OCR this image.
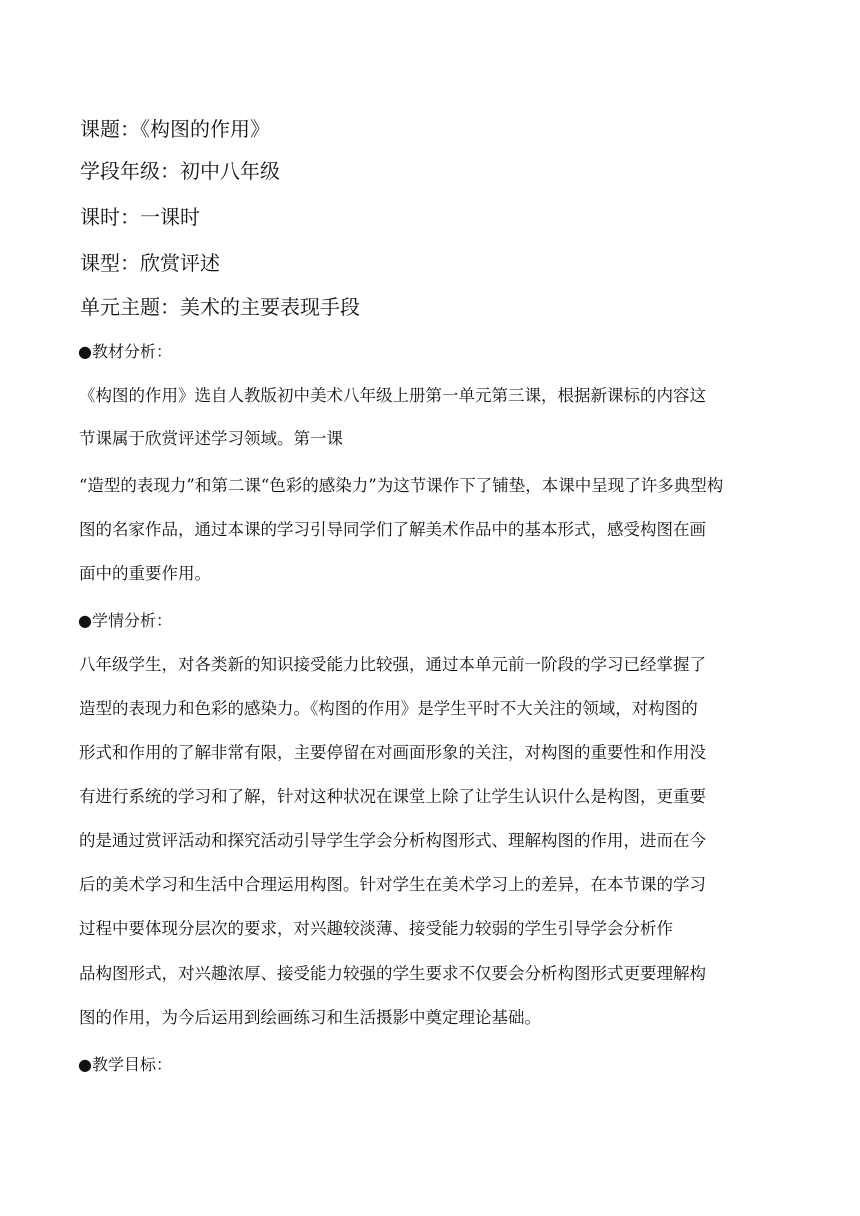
课题：《构图的作用》
学段年级：初中八年级
课时：一课时
课型：欣赏评述
单元主题：美术的主要表现手段
●教材分析：
《构图的作用》选自人教版初中美术八年级上册第一单元第三课，根据新课标的内容这
节课属于欣赏评述学习领域。第一课
“造型的表现力”和第二课“色彩的感染力”为这节课作下了铺垫，本课中呈现了许多典型构
图的名家作品，通过本课的学习引导同学们了解美术作品中的基本形式，感受构图在画
面中的重要作用。
●学情分析：
八年级学生，对各类新的知识接受能力比较强，通过本单元前一阶段的学习已经掌握了
造型的表现力和色彩的感染力。《构图的作用》是学生平时不大关注的领域，对构图的
形式和作用的了解非常有限，主要停留在对画面形象的关注，对构图的重要性和作用没
有进行系统的学习和了解，针对这种状况在课堂上除了让学生认识什么是构图，更重要
的是通过赏评活动和探究活动引导学生学会分析构图形式、理解构图的作用，进而在今
后的美术学习和生活中合理运用构图。针对学生在美术学习上的差异，在本节课的学习
过程中要体现分层次的要求，对兴趣较淡薄、接受能力较弱的学生引导学会分析作
品构图形式，对兴趣浓厚、接受能力较强的学生要求不仅要会分析构图形式更要理解构
图的作用，为今后运用到绘画练习和生活摄影中奠定理论基础。
●教学目标：
